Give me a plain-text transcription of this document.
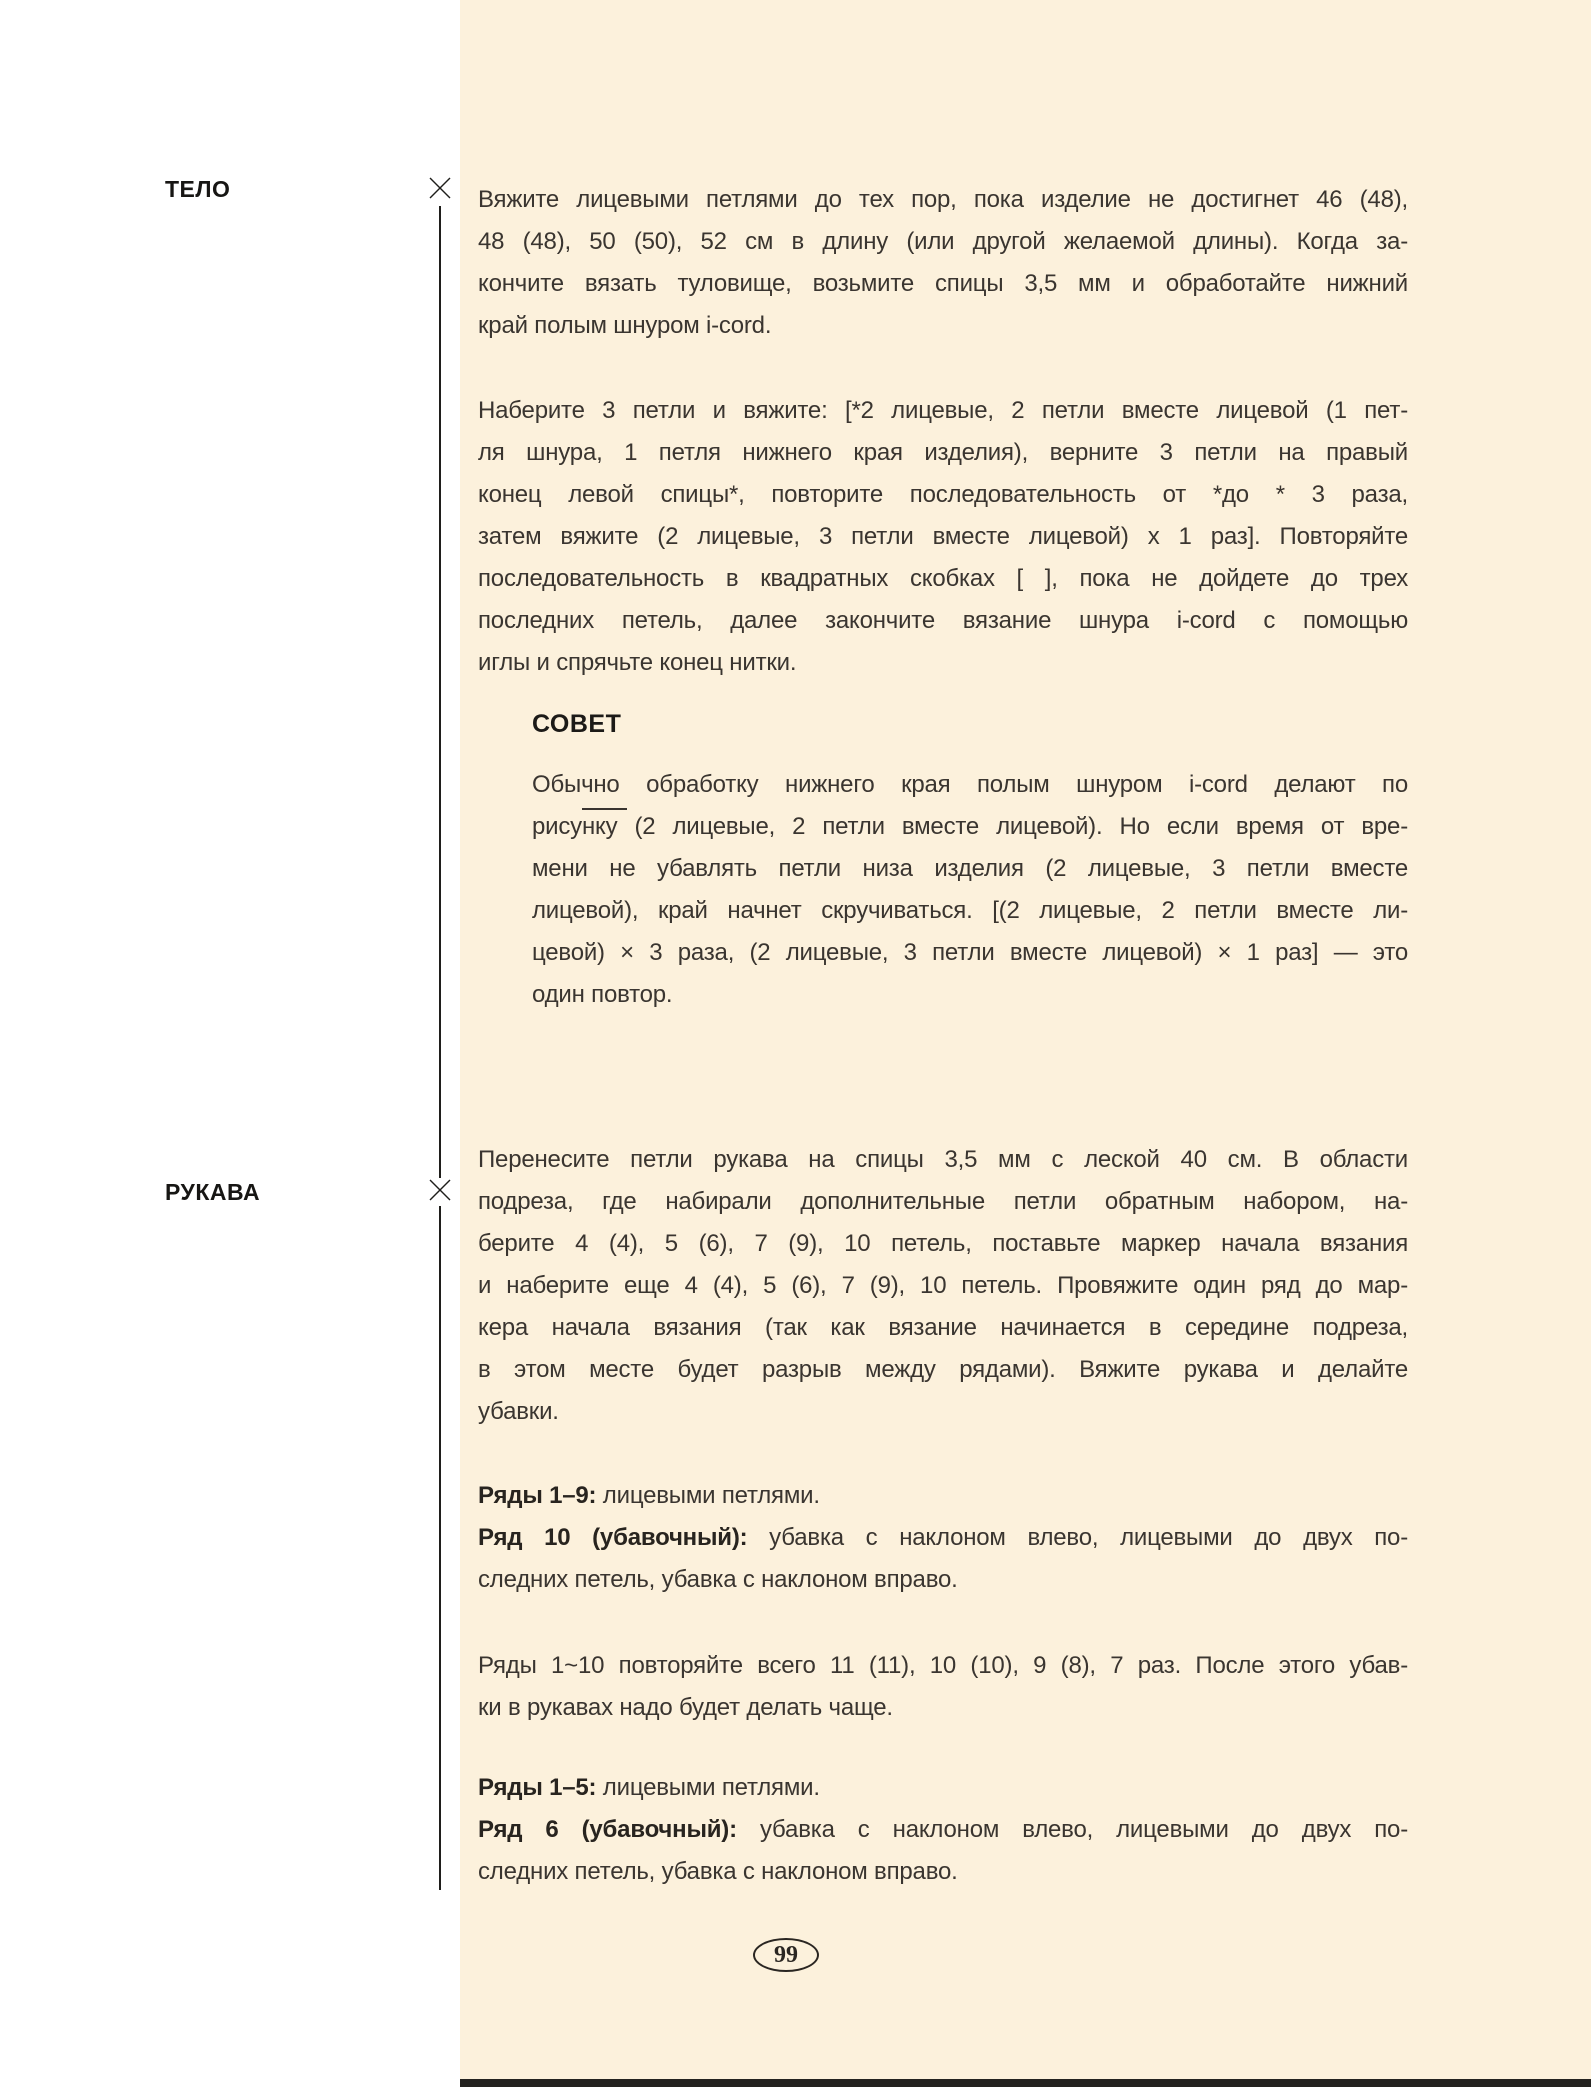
ТЕЛО
РУКАВА
Вяжите лицевыми петлями до тех пор, пока изделие не достигнет 46 (48),
48 (48), 50 (50), 52 см в длину (или другой желаемой длины). Когда за-
кончите вязать туловище, возьмите спицы 3,5 мм и обработайте нижний
край полым шнуром i-cord.
Наберите 3 петли и вяжите: [*2 лицевые, 2 петли вместе лицевой (1 пет-
ля шнура, 1 петля нижнего края изделия), верните 3 петли на правый
конец левой спицы*, повторите последовательность от *до * 3 раза,
затем вяжите (2 лицевые, 3 петли вместе лицевой) х 1 раз]. Повторяйте
последовательность в квадратных скобках [ ], пока не дойдете до трех
последних петель, далее закончите вязание шнура i-cord с помощью
иглы и спрячьте конец нитки.
СОВЕТ
Обычно обработку нижнего края полым шнуром i-cord делают по
рисунку (2 лицевые, 2 петли вместе лицевой). Но если время от вре-
мени не убавлять петли низа изделия (2 лицевые, 3 петли вместе
лицевой), край начнет скручиваться. [(2 лицевые, 2 петли вместе ли-
цевой) × 3 раза, (2 лицевые, 3 петли вместе лицевой) × 1 раз] — это
один повтор.
Перенесите петли рукава на спицы 3,5 мм с леской 40 см. В области
подреза, где набирали дополнительные петли обратным набором, на-
берите 4 (4), 5 (6), 7 (9), 10 петель, поставьте маркер начала вязания
и наберите еще 4 (4), 5 (6), 7 (9), 10 петель. Провяжите один ряд до мар-
кера начала вязания (так как вязание начинается в середине подреза,
в этом месте будет разрыв между рядами). Вяжите рукава и делайте
убавки.
Ряды 1–9: лицевыми петлями.
Ряд 10 (убавочный): убавка с наклоном влево, лицевыми до двух по-
следних петель, убавка с наклоном вправо.
Ряды 1~10 повторяйте всего 11 (11), 10 (10), 9 (8), 7 раз. После этого убав-
ки в рукавах надо будет делать чаще.
Ряды 1–5: лицевыми петлями.
Ряд 6 (убавочный): убавка с наклоном влево, лицевыми до двух по-
следних петель, убавка с наклоном вправо.
99
